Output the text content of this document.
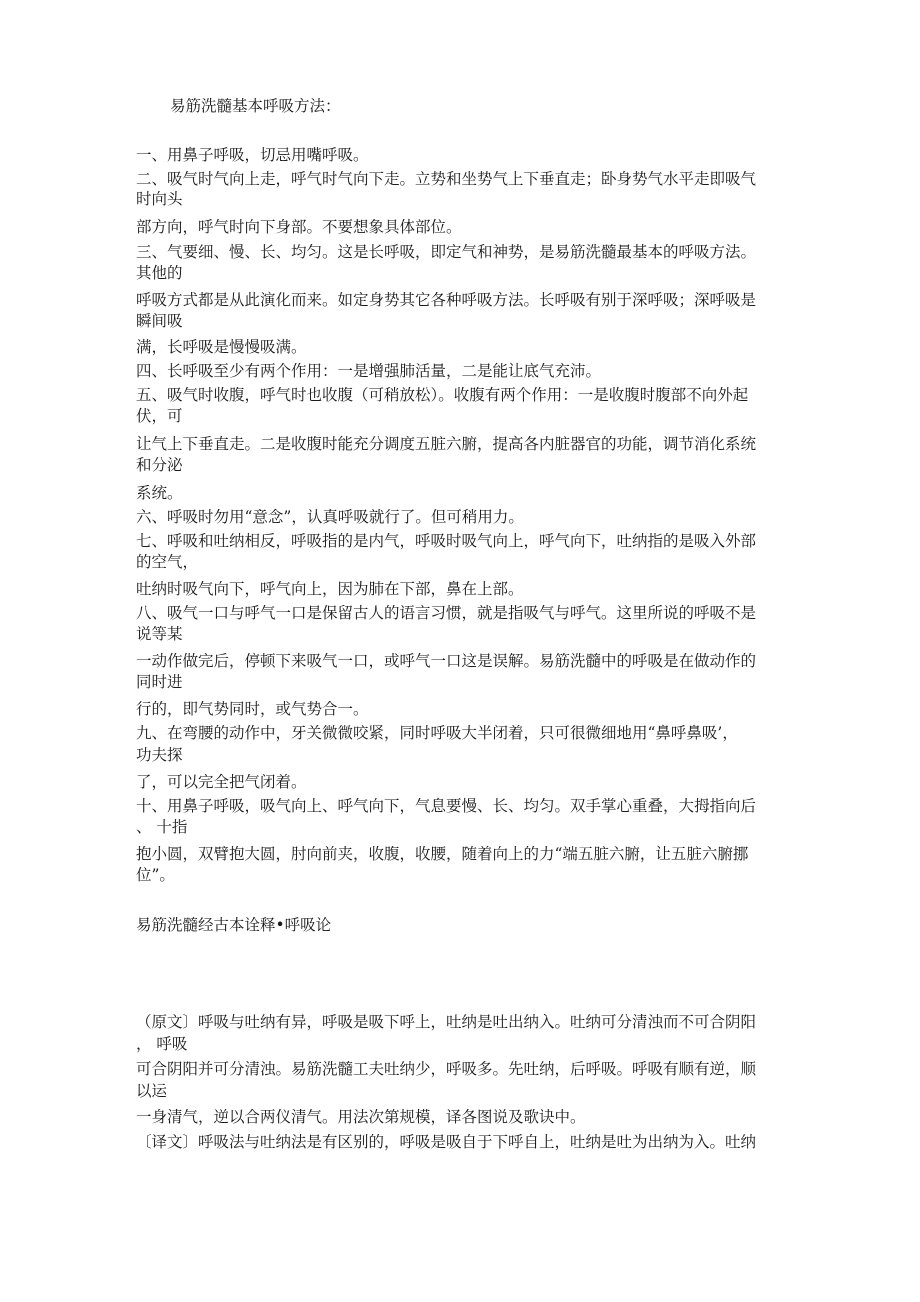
易筋洗髓基本呼吸方法：
一、用鼻子呼吸，切忌用嘴呼吸。
二、吸气时气向上走，呼气时气向下走。立势和坐势气上下垂直走；卧身势气水平走即吸气
时向头
部方向，呼气时向下身部。不要想象具体部位。
三、气要细、慢、长、均匀。这是长呼吸，即定气和神势，是易筋洗髓最基本的呼吸方法。
其他的
呼吸方式都是从此演化而来。如定身势其它各种呼吸方法。长呼吸有别于深呼吸；深呼吸是
瞬间吸
满，长呼吸是慢慢吸满。
四、长呼吸至少有两个作用：一是增强肺活量，二是能让底气充沛。
五、吸气时收腹，呼气时也收腹（可稍放松）。收腹有两个作用：一是收腹时腹部不向外起
伏，可
让气上下垂直走。二是收腹时能充分调度五脏六腑，提高各内脏器官的功能，调节消化系统
和分泌
系统。
六、呼吸时勿用“意念”，认真呼吸就行了。但可稍用力。
七、呼吸和吐纳相反，呼吸指的是内气，呼吸时吸气向上，呼气向下，吐纳指的是吸入外部
的空气，
吐纳时吸气向下，呼气向上，因为肺在下部，鼻在上部。
八、吸气一口与呼气一口是保留古人的语言习惯，就是指吸气与呼气。这里所说的呼吸不是
说等某
一动作做完后，停顿下来吸气一口，或呼气一口这是误解。易筋洗髓中的呼吸是在做动作的
同时进
行的，即气势同时，或气势合一。
九、在弯腰的动作中，牙关微微咬紧，同时呼吸大半闭着，只可很微细地用“鼻呼鼻吸’，
功夫探
了，可以完全把气闭着。
十、用鼻子呼吸，吸气向上、呼气向下，气息要慢、长、均匀。双手掌心重叠，大拇指向后
、 十指
抱小圆，双臂抱大圆，肘向前夹，收腹，收腰，随着向上的力“端五脏六腑，让五脏六腑挪
位”。
易筋洗髓经古本诠释•呼吸论
（原文〕呼吸与吐纳有异，呼吸是吸下呼上，吐纳是吐出纳入。吐纳可分清浊而不可合阴阳
， 呼吸
可合阴阳并可分清浊。易筋洗髓工夫吐纳少，呼吸多。先吐纳，后呼吸。呼吸有顺有逆，顺
以运
一身清气，逆以合两仪清气。用法次第规模，译各图说及歌诀中。
〔译文〕呼吸法与吐纳法是有区别的，呼吸是吸自于下呼自上，吐纳是吐为出纳为入。吐纳
